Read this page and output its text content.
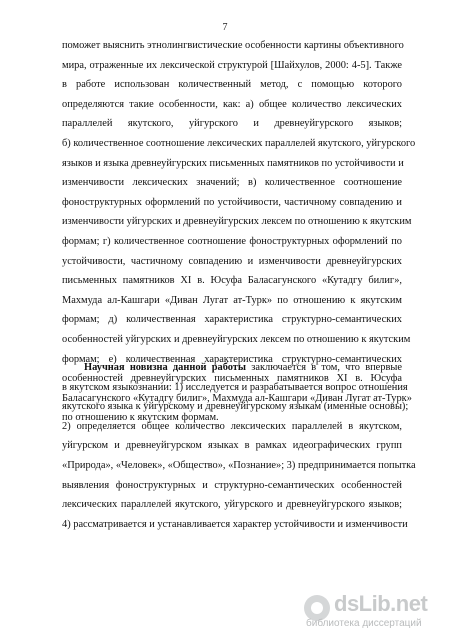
7
поможет выяснить этнолингвистические особенности картины объективного
мира, отраженные их лексической структурой [Шайхулов, 2000: 4-5]. Также
в работе использован количественный метод, с помощью которого
определяются такие особенности, как: а) общее количество лексических
параллелей якутского, уйгурского и древнеуйгурского языков;
б) количественное соотношение лексических параллелей якутского, уйгурского
языков и языка древнеуйгурских письменных памятников по устойчивости и
изменчивости лексических значений; в) количественное соотношение
фоноструктурных оформлений по устойчивости, частичному совпадению и
изменчивости уйгурских и древнеуйгурских лексем по отношению к якутским
формам; г) количественное соотношение фоноструктурных оформлений по
устойчивости, частичному совпадению и изменчивости древнеуйгурских
письменных памятников XI в. Юсуфа Баласагунского «Кутадгу билиг»,
Махмуда ал-Кашгари «Диван Лугат ат-Турк» по отношению к якутским
формам; д) количественная характеристика структурно-семантических
особенностей уйгурских и древнеуйгурских лексем по отношению к якутским
формам; е) количественная характеристика структурно-семантических
особенностей древнеуйгурских письменных памятников XI в. Юсуфа
Баласагунского «Кутадгу билиг», Махмуда ал-Кашгари «Диван Лугат ат-Турк»
по отношению к якутским формам.
Научная новизна данной работы заключается в том, что впервые
в якутском языкознании: 1) исследуется и разрабатывается вопрос отношения
якутского языка к уйгурскому и древнеуйгурскому языкам (именные основы);
2) определяется общее количество лексических параллелей в якутском,
уйгурском и древнеуйгурском языках в рамках идеографических групп
«Природа», «Человек», «Общество», «Познание»; 3) предпринимается попытка
выявления фоноструктурных и структурно-семантических особенностей
лексических параллелей якутского, уйгурского и древнеуйгурского языков;
4) рассматривается и устанавливается характер устойчивости и изменчивости
dsLib.net
библиотека диссертаций
